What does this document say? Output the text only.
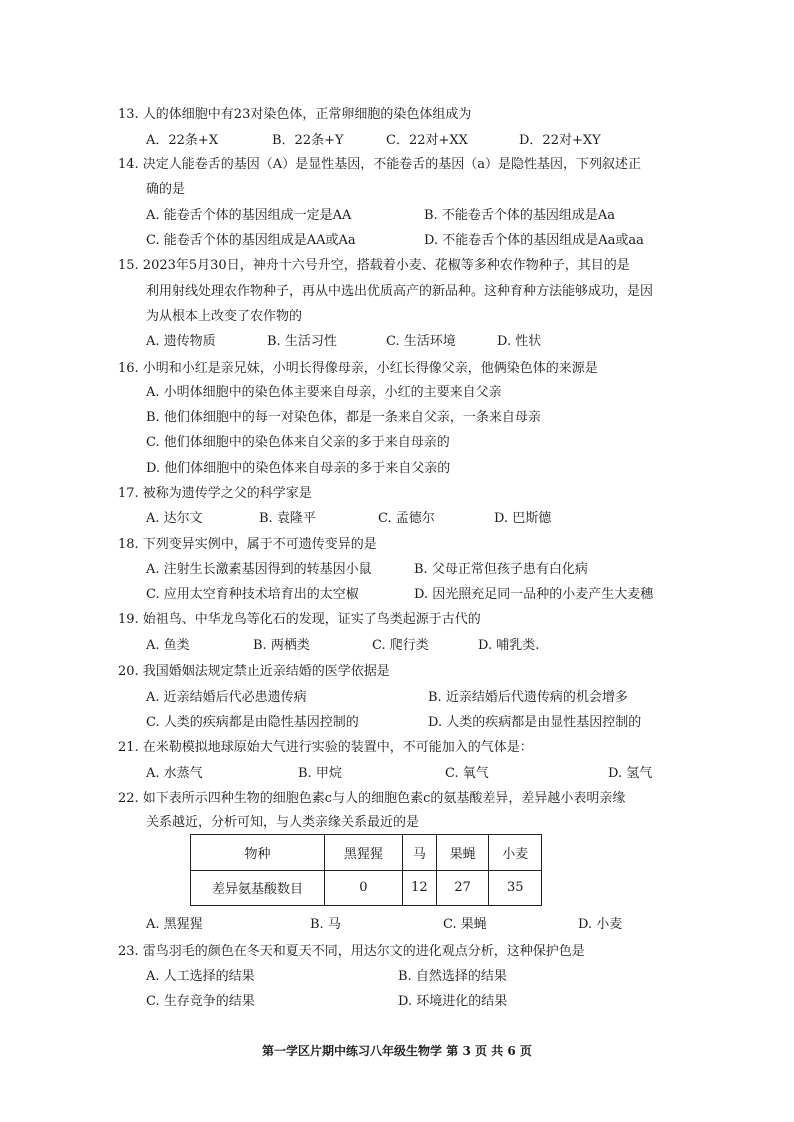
13. 人的体细胞中有23对染色体，正常卵细胞的染色体组成为
A．22条+X	B．22条+Y	C．22对+XX	D．22对+XY
14. 决定人能卷舌的基因（A）是显性基因，不能卷舌的基因（a）是隐性基因，下列叙述正
确的是
A. 能卷舌个体的基因组成一定是AA	B. 不能卷舌个体的基因组成是Aa
C. 能卷舌个体的基因组成是AA或Aa	D. 不能卷舌个体的基因组成是Aa或aa
15. 2023年5月30日，神舟十六号升空，搭载着小麦、花椒等多种农作物种子，其目的是
利用射线处理农作物种子，再从中选出优质高产的新品种。这种育种方法能够成功，是因
为从根本上改变了农作物的
A. 遗传物质	B. 生活习性	C. 生活环境	D. 性状
16. 小明和小红是亲兄妹，小明长得像母亲，小红长得像父亲，他俩染色体的来源是
A. 小明体细胞中的染色体主要来自母亲，小红的主要来自父亲
B. 他们体细胞中的每一对染色体，都是一条来自父亲，一条来自母亲
C. 他们体细胞中的染色体来自父亲的多于来自母亲的
D. 他们体细胞中的染色体来自母亲的多于来自父亲的
17. 被称为遗传学之父的科学家是
A. 达尔文	B. 袁隆平	C. 孟德尔	D. 巴斯德
18. 下列变异实例中，属于不可遗传变异的是
A. 注射生长激素基因得到的转基因小鼠	B. 父母正常但孩子患有白化病
C. 应用太空育种技术培育出的太空椒	D. 因光照充足同一品种的小麦产生大麦穗
19. 始祖鸟、中华龙鸟等化石的发现，证实了鸟类起源于古代的
A. 鱼类	B. 两栖类	C. 爬行类	D. 哺乳类.
20. 我国婚姻法规定禁止近亲结婚的医学依据是
A. 近亲结婚后代必患遗传病	B. 近亲结婚后代遗传病的机会增多
C. 人类的疾病都是由隐性基因控制的	D. 人类的疾病都是由显性基因控制的
21. 在米勒模拟地球原始大气进行实验的装置中，不可能加入的气体是：
A. 水蒸气	B. 甲烷	C. 氧气	D. 氢气
22. 如下表所示四种生物的细胞色素c与人的细胞色素c的氨基酸差异，差异越小表明亲缘
关系越近，分析可知，与人类亲缘关系最近的是
物种	黑猩猩	马	果蝇	小麦
差异氨基酸数目	0	12	27	35
A. 黑猩猩	B. 马	C. 果蝇	D. 小麦
23. 雷鸟羽毛的颜色在冬天和夏天不同，用达尔文的进化观点分析，这种保护色是
A. 人工选择的结果	B. 自然选择的结果
C. 生存竞争的结果	D. 环境进化的结果
第一学区片期中练习八年级生物学 第 3 页 共 6 页
